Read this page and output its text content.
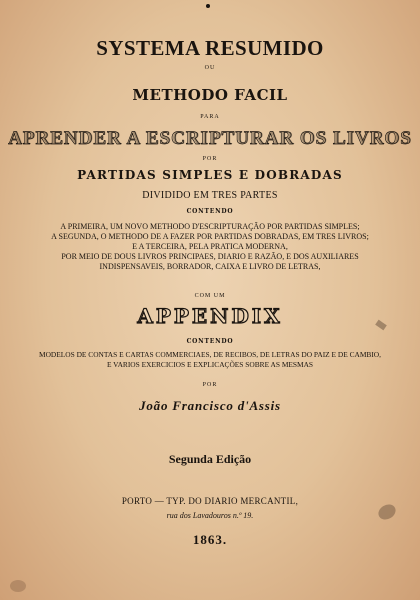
SYSTEMA RESUMIDO
OU
METHODO FACIL
PARA
APRENDER A ESCRIPTURAR OS LIVROS
POR
PARTIDAS SIMPLES E DOBRADAS
DIVIDIDO EM TRES PARTES
CONTENDO
A PRIMEIRA, UM NOVO METHODO D'ESCRIPTURAÇÃO POR PARTIDAS SIMPLES;
A SEGUNDA, O METHODO DE A FAZER POR PARTIDAS DOBRADAS, EM TRES LIVROS;
E A TERCEIRA, PELA PRATICA MODERNA,
POR MEIO DE DOUS LIVROS PRINCIPAES, DIARIO E RAZÃO, E DOS AUXILIARES
INDISPENSAVEIS, BORRADOR, CAIXA E LIVRO DE LETRAS,
COM UM
APPENDIX
CONTENDO
MODELOS DE CONTAS E CARTAS COMMERCIAES, DE RECIBOS, DE LETRAS DO PAIZ E DE CAMBIO,
E VARIOS EXERCICIOS E EXPLICAÇÕES SOBRE AS MESMAS
POR
João Francisco d'Assis
Segunda Edição
PORTO — TYP. DO DIARIO MERCANTIL,
rua dos Lavadouros n.º 19.
1863.
